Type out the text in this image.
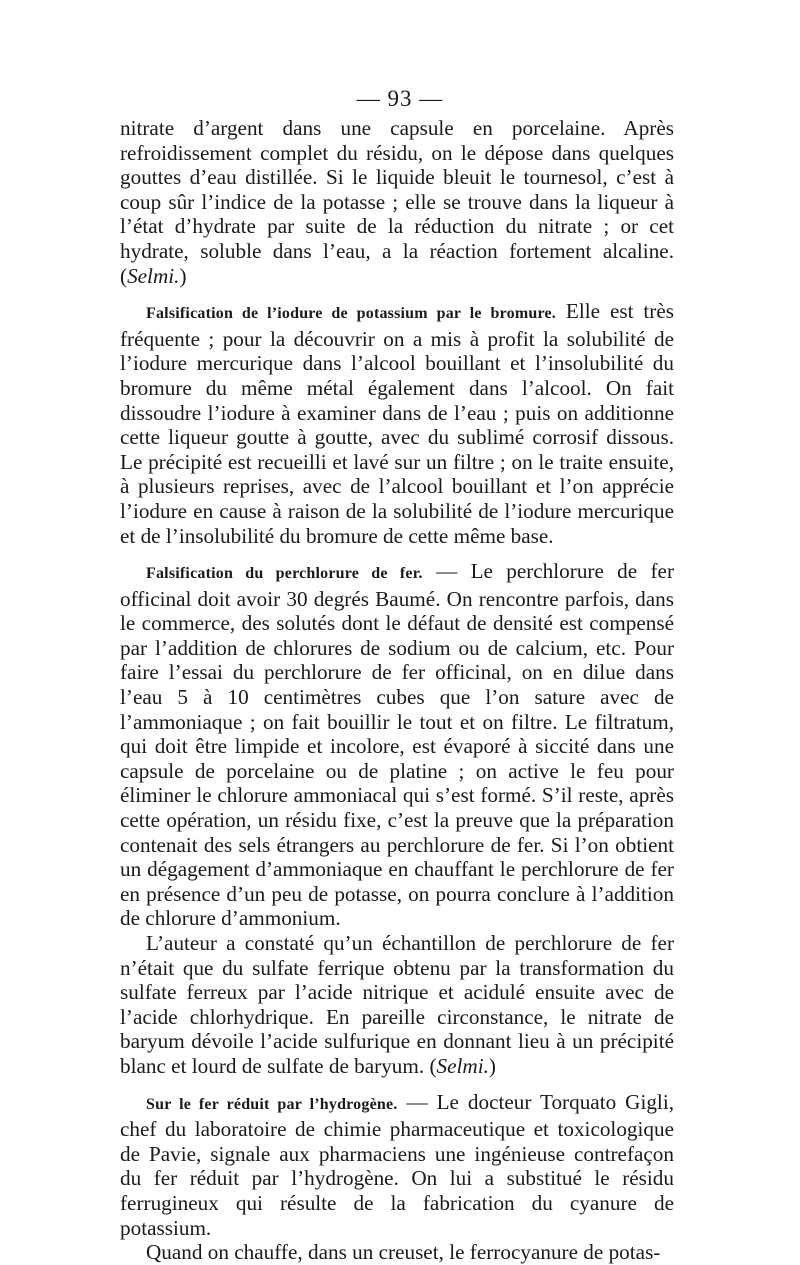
— 93 —

nitrate d’argent dans une capsule en porcelaine. Après refroidissement complet du résidu, on le dépose dans quelques gouttes d’eau distillée. Si le liquide bleuit le tournesol, c’est à coup sûr l’indice de la potasse ; elle se trouve dans la liqueur à l’état d’hydrate par suite de la réduction du nitrate ; or cet hydrate, soluble dans l’eau, a la réaction fortement alcaline. (Selmi.)

Falsification de l’iodure de potassium par le bromure. Elle est très fréquente ; pour la découvrir on a mis à profit la solubilité de l’iodure mercurique dans l’alcool bouillant et l’insolubilité du bromure du même métal également dans l’alcool. On fait dissoudre l’iodure à examiner dans de l’eau ; puis on additionne cette liqueur goutte à goutte, avec du sublimé corrosif dissous. Le précipité est recueilli et lavé sur un filtre ; on le traite ensuite, à plusieurs reprises, avec de l’alcool bouillant et l’on apprécie l’iodure en cause à raison de la solubilité de l’iodure mercurique et de l’insolubilité du bromure de cette même base.

Falsification du perchlorure de fer. — Le perchlorure de fer officinal doit avoir 30 degrés Baumé. On rencontre parfois, dans le commerce, des solutés dont le défaut de densité est compensé par l’addition de chlorures de sodium ou de calcium, etc. Pour faire l’essai du perchlorure de fer officinal, on en dilue dans l’eau 5 à 10 centimètres cubes que l’on sature avec de l’ammoniaque ; on fait bouillir le tout et on filtre. Le filtratum, qui doit être limpide et incolore, est évaporé à siccité dans une capsule de porcelaine ou de platine ; on active le feu pour éliminer le chlorure ammoniacal qui s’est formé. S’il reste, après cette opération, un résidu fixe, c’est la preuve que la préparation contenait des sels étrangers au perchlorure de fer. Si l’on obtient un dégagement d’ammoniaque en chauffant le perchlorure de fer en présence d’un peu de potasse, on pourra conclure à l’addition de chlorure d’ammonium.

L’auteur a constaté qu’un échantillon de perchlorure de fer n’était que du sulfate ferrique obtenu par la transformation du sulfate ferreux par l’acide nitrique et acidulé ensuite avec de l’acide chlorhydrique. En pareille circonstance, le nitrate de baryum dévoile l’acide sulfurique en donnant lieu à un précipité blanc et lourd de sulfate de baryum. (Selmi.)

Sur le fer réduit par l’hydrogène. — Le docteur Torquato Gigli, chef du laboratoire de chimie pharmaceutique et toxicologique de Pavie, signale aux pharmaciens une ingénieuse contrefaçon du fer réduit par l’hydrogène. On lui a substitué le résidu ferrugineux qui résulte de la fabrication du cyanure de potassium.

Quand on chauffe, dans un creuset, le ferrocyanure de potas-
